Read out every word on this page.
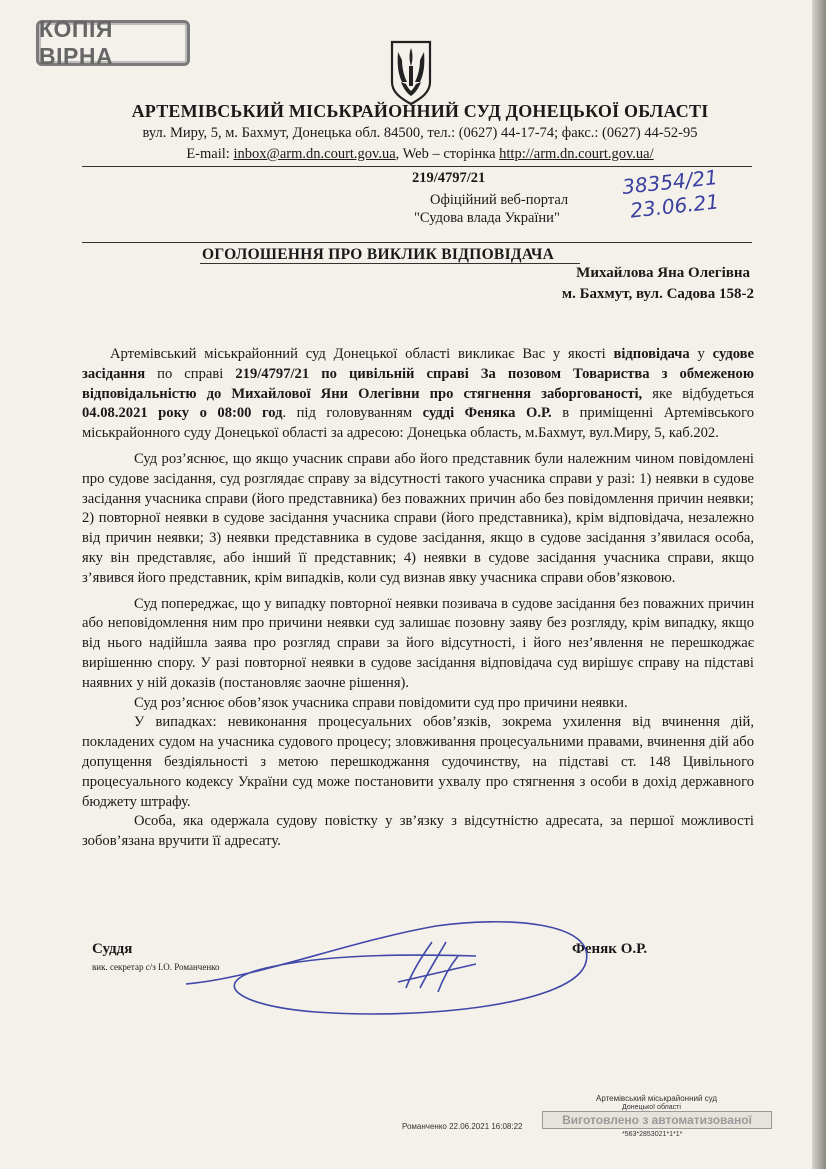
КОПІЯ ВІРНА
АРТЕМІВСЬКИЙ МІСЬКРАЙОННИЙ СУД ДОНЕЦЬКОЇ ОБЛАСТІ
вул. Миру, 5, м. Бахмут, Донецька обл. 84500, тел.: (0627) 44-17-74; факс.: (0627) 44-52-95
E-mail: inbox@arm.dn.court.gov.ua, Web – сторінка http://arm.dn.court.gov.ua/
219/4797/21
Офіційний веб-портал
"Судова влада України"
38354/21
23.06.21
ОГОЛОШЕННЯ ПРО ВИКЛИК ВІДПОВІДАЧА
Михайлова Яна Олегівна
м. Бахмут, вул. Садова 158-2

Артемівський міськрайонний суд Донецької області викликає Вас у якості відповідача у судове засідання по справі 219/4797/21 по цивільній справі За позовом Товариства з обмеженою відповідальністю до Михайлової Яни Олегівни про стягнення заборгованості, яке відбудеться 04.08.2021 року о 08:00 год. під головуванням судді Феняка О.Р. в приміщенні Артемівського міськрайонного суду Донецької області за адресою: Донецька область, м.Бахмут, вул.Миру, 5, каб.202.

Суд роз’яснює, що якщо учасник справи або його представник були належним чином повідомлені про судове засідання, суд розглядає справу за відсутності такого учасника справи у разі: 1) неявки в судове засідання учасника справи (його представника) без поважних причин або без повідомлення причин неявки; 2) повторної неявки в судове засідання учасника справи (його представника), крім відповідача, незалежно від причин неявки; 3) неявки представника в судове засідання, якщо в судове засідання з’явилася особа, яку він представляє, або інший її представник; 4) неявки в судове засідання учасника справи, якщо з’явився його представник, крім випадків, коли суд визнав явку учасника справи обов’язковою.

Суд попереджає, що у випадку повторної неявки позивача в судове засідання без поважних причин або неповідомлення ним про причини неявки суд залишає позовну заяву без розгляду, крім випадку, якщо від нього надійшла заява про розгляд справи за його відсутності, і його нез’явлення не перешкоджає вирішенню спору. У разі повторної неявки в судове засідання відповідача суд вирішує справу на підставі наявних у ній доказів (постановляє заочне рішення).

Суд роз’яснює обов’язок учасника справи повідомити суд про причини неявки.

У випадках: невиконання процесуальних обов’язків, зокрема ухилення від вчинення дій, покладених судом на учасника судового процесу; зловживання процесуальними правами, вчинення дій або допущення бездіяльності з метою перешкоджання судочинству, на підставі ст. 148 Цивільного процесуального кодексу України суд може постановити ухвалу про стягнення з особи в дохід державного бюджету штрафу.

Особа, яка одержала судову повістку у зв’язку з відсутністю адресата, за першої можливості зобов’язана вручити її адресату.

Суддя
вик. секретар с/з І.О. Романченко
Феняк О.Р.
Романченко 22.06.2021 16:08:22
Артемівський міськрайонний суд
Донецької області
Виготовлено з автоматизованої
*563*2853021*1*1*
